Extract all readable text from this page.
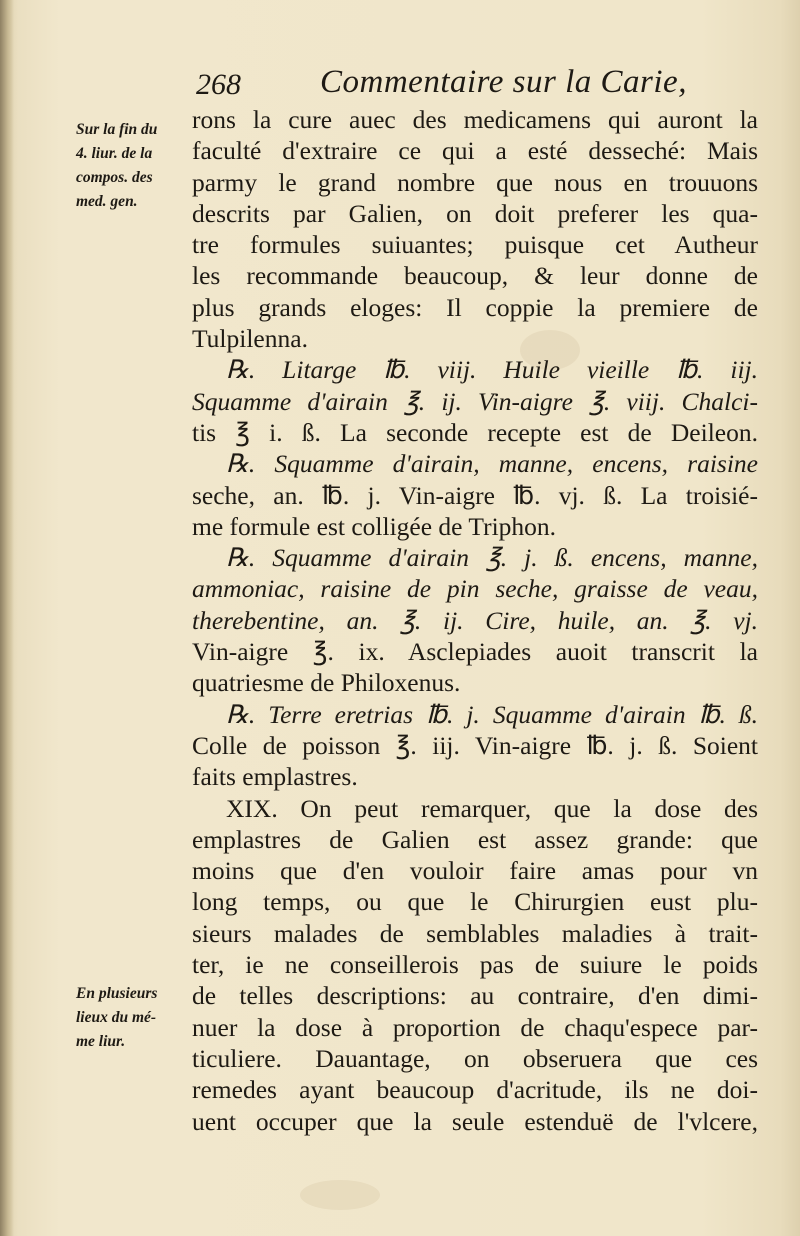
268 Commentaire sur la Carie,
Sur la fin du
4. liur. de la
compos. des
med. gen.
En plusieurs
lieux du mé-
me liur.
rons la cure auec des medicamens qui auront la
faculté d'extraire ce qui a esté desseché: Mais
parmy le grand nombre que nous en trouuons
descrits par Galien, on doit preferer les qua-
tre formules suiuantes; puisque cet Autheur
les recommande beaucoup, & leur donne de
plus grands eloges: Il coppie la premiere de
Tulpilenna.
℞. Litarge ℔. viij. Huile vieille ℔. iij.
Squamme d'airain ℥. ij. Vin-aigre ℥. viij. Chalci-
tis ℥ i. ß. La seconde recepte est de Deileon.
℞. Squamme d'airain, manne, encens, raisine
seche, an. ℔. j. Vin-aigre ℔. vj. ß. La troisié-
me formule est colligée de Triphon.
℞. Squamme d'airain ℥. j. ß. encens, manne,
ammoniac, raisine de pin seche, graisse de veau,
therebentine, an. ℥. ij. Cire, huile, an. ℥. vj.
Vin-aigre ℥. ix. Asclepiades auoit transcrit la
quatriesme de Philoxenus.
℞. Terre eretrias ℔. j. Squamme d'airain ℔. ß.
Colle de poisson ℥. iij. Vin-aigre ℔. j. ß. Soient
faits emplastres.
XIX. On peut remarquer, que la dose des
emplastres de Galien est assez grande: que
moins que d'en vouloir faire amas pour vn
long temps, ou que le Chirurgien eust plu-
sieurs malades de semblables maladies à trait-
ter, ie ne conseillerois pas de suiure le poids
de telles descriptions: au contraire, d'en dimi-
nuer la dose à proportion de chaqu'espece par-
ticuliere. Dauantage, on obseruera que ces
remedes ayant beaucoup d'acritude, ils ne doi-
uent occuper que la seule estenduë de l'vlcere,
